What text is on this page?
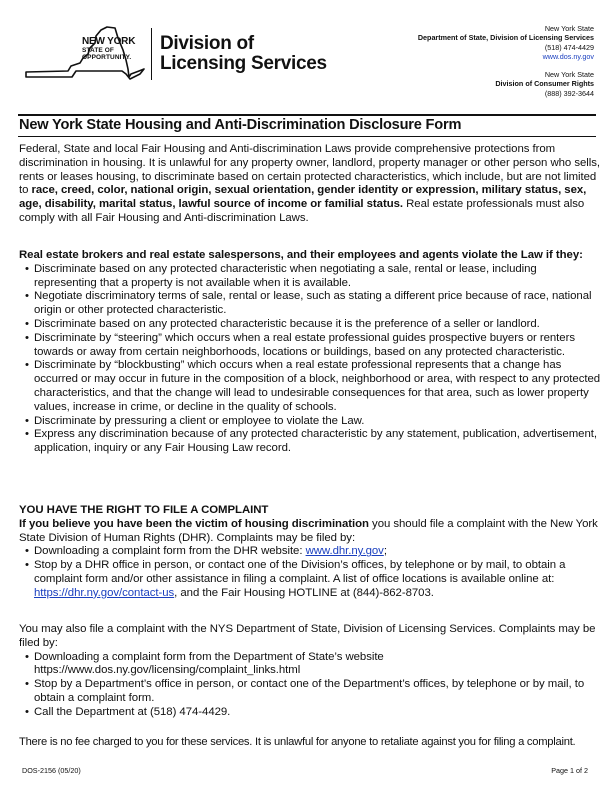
NEW YORK
STATE OF
OPPORTUNITY.
Division of
Licensing Services
New York State
Department of State, Division of Licensing Services
(518) 474-4429
www.dos.ny.gov
New York State
Division of Consumer Rights
(888) 392-3644
New York State Housing and Anti-Discrimination Disclosure Form
Federal, State and local Fair Housing and Anti-discrimination Laws provide comprehensive protections from discrimination in housing. It is unlawful for any property owner, landlord, property manager or other person who sells, rents or leases housing, to discriminate based on certain protected characteristics, which include, but are not limited to race, creed, color, national origin, sexual orientation, gender identity or expression, military status, sex, age, disability, marital status, lawful source of income or familial status. Real estate professionals must also comply with all Fair Housing and Anti-discrimination Laws.
Real estate brokers and real estate salespersons, and their employees and agents violate the Law if they:
• Discriminate based on any protected characteristic when negotiating a sale, rental or lease, including representing that a property is not available when it is available.
• Negotiate discriminatory terms of sale, rental or lease, such as stating a different price because of race, national origin or other protected characteristic.
• Discriminate based on any protected characteristic because it is the preference of a seller or landlord.
• Discriminate by “steering” which occurs when a real estate professional guides prospective buyers or renters towards or away from certain neighborhoods, locations or buildings, based on any protected characteristic.
• Discriminate by “blockbusting” which occurs when a real estate professional represents that a change has occurred or may occur in future in the composition of a block, neighborhood or area, with respect to any protected characteristics, and that the change will lead to undesirable consequences for that area, such as lower property values, increase in crime, or decline in the quality of schools.
• Discriminate by pressuring a client or employee to violate the Law.
• Express any discrimination because of any protected characteristic by any statement, publication, advertisement, application, inquiry or any Fair Housing Law record.
YOU HAVE THE RIGHT TO FILE A COMPLAINT
If you believe you have been the victim of housing discrimination you should file a complaint with the New York State Division of Human Rights (DHR). Complaints may be filed by:
• Downloading a complaint form from the DHR website: www.dhr.ny.gov;
• Stop by a DHR office in person, or contact one of the Division’s offices, by telephone or by mail, to obtain a complaint form and/or other assistance in filing a complaint. A list of office locations is available online at: https://dhr.ny.gov/contact-us, and the Fair Housing HOTLINE at (844)-862-8703.
You may also file a complaint with the NYS Department of State, Division of Licensing Services. Complaints may be filed by:
• Downloading a complaint form from the Department of State’s website https://www.dos.ny.gov/licensing/complaint_links.html
• Stop by a Department’s office in person, or contact one of the Department’s offices, by telephone or by mail, to obtain a complaint form.
• Call the Department at (518) 474-4429.
There is no fee charged to you for these services. It is unlawful for anyone to retaliate against you for filing a complaint.
DOS-2156 (05/20)	Page 1 of 2
